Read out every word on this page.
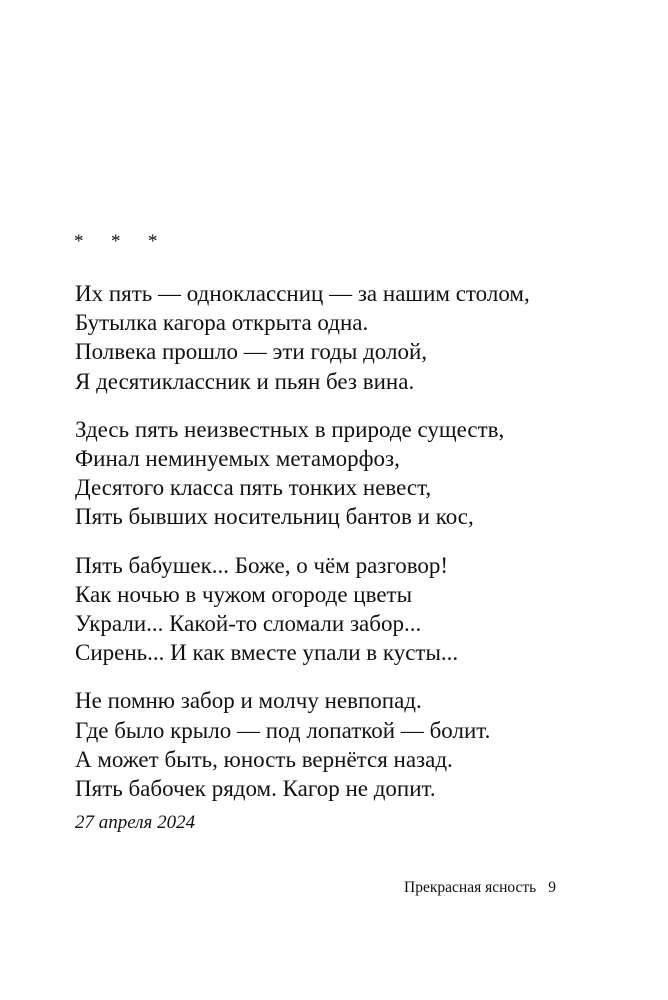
* * *
Их пять — одноклассниц — за нашим столом,
Бутылка кагора открыта одна.
Полвека прошло — эти годы долой,
Я десятиклассник и пьян без вина.
Здесь пять неизвестных в природе существ,
Финал неминуемых метаморфоз,
Десятого класса пять тонких невест,
Пять бывших носительниц бантов и кос,
Пять бабушек... Боже, о чём разговор!
Как ночью в чужом огороде цветы
Украли... Какой-то сломали забор...
Сирень... И как вместе упали в кусты...
Не помню забор и молчу невпопад.
Где было крыло — под лопаткой — болит.
А может быть, юность вернётся назад.
Пять бабочек рядом. Кагор не допит.
27 апреля 2024
Прекрасная ясность 9
